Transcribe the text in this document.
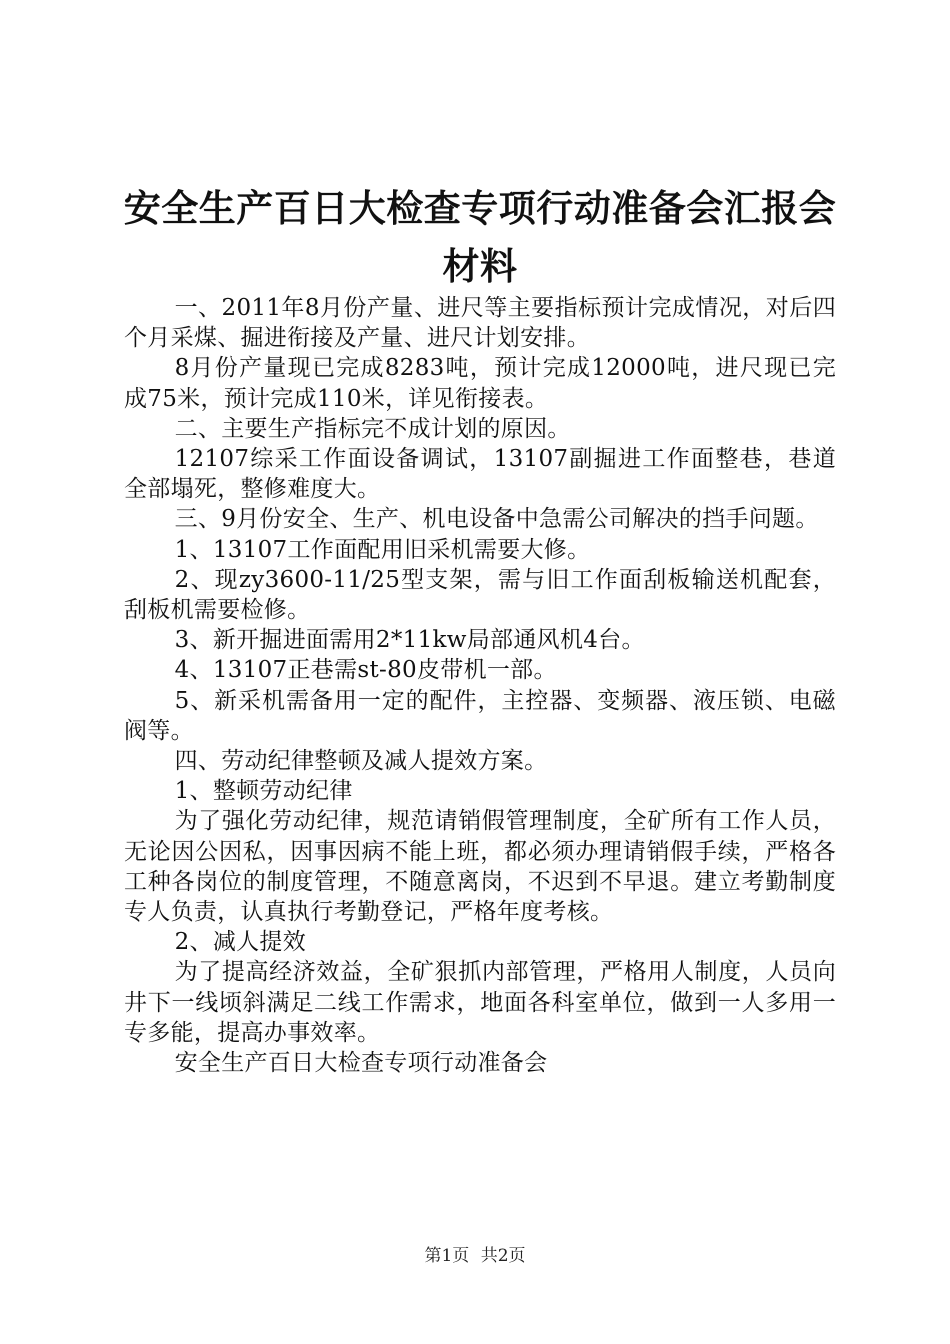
安全生产百日大检查专项行动准备会汇报会材料

一、2011年8月份产量、进尺等主要指标预计完成情况，对后四个月采煤、掘进衔接及产量、进尺计划安排。

8月份产量现已完成8283吨，预计完成12000吨，进尺现已完成75米，预计完成110米，详见衔接表。

二、主要生产指标完不成计划的原因。

12107综采工作面设备调试，13107副掘进工作面整巷，巷道全部塌死，整修难度大。

三、9月份安全、生产、机电设备中急需公司解决的挡手问题。

1、13107工作面配用旧采机需要大修。

2、现zy3600-11/25型支架，需与旧工作面刮板输送机配套，刮板机需要检修。

3、新开掘进面需用2*11kw局部通风机4台。

4、13107正巷需st-80皮带机一部。

5、新采机需备用一定的配件，主控器、变频器、液压锁、电磁阀等。

四、劳动纪律整顿及减人提效方案。

1、整顿劳动纪律

为了强化劳动纪律，规范请销假管理制度，全矿所有工作人员，无论因公因私，因事因病不能上班，都必须办理请销假手续，严格各工种各岗位的制度管理，不随意离岗，不迟到不早退。建立考勤制度专人负责，认真执行考勤登记，严格年度考核。

2、减人提效

为了提高经济效益，全矿狠抓内部管理，严格用人制度，人员向井下一线顷斜满足二线工作需求，地面各科室单位，做到一人多用一专多能，提高办事效率。

安全生产百日大检查专项行动准备会

第1页 共2页
